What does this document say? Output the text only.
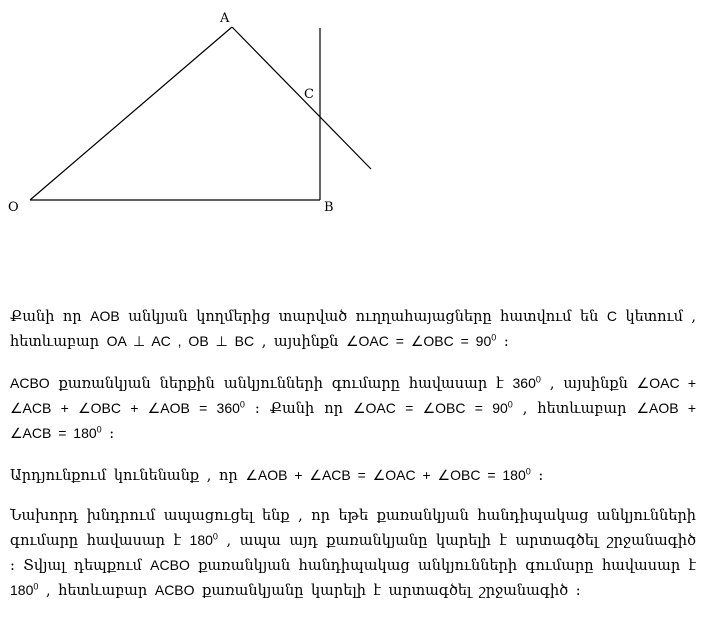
A
C
O	B

Քանի որ AOB անկյան կողմերից տարված ուղղահայացները հատվում են C կետում , հետևաբար OA ⊥ AC , OB ⊥ BC , այսինքն ∠OAC = ∠OBC = $90^0$ :

ACBO քառանկյան ներքին անկյունների գումարը հավասար է $360^0$ , այսինքն ∠OAC + ∠ACB + ∠OBC + ∠AOB = $360^0$ : Քանի որ ∠OAC = ∠OBC = $90^0$ , հետևաբար ∠AOB + ∠ACB = $180^0$ :

Արդյունքում կունենանք , որ ∠AOB + ∠ACB = ∠OAC + ∠OBC = $180^0$ :

Նախորդ խնդրում ապացուցել ենք , որ եթե քառանկյան հանդիպակաց անկյունների գումարը հավասար է $180^0$ , ապա այդ քառանկյանը կարելի է արտագծել շրջանագիծ : Տվյալ դեպքում ACBO քառանկյան հանդիպակաց անկյունների գումարը հավասար է $180^0$ , հետևաբար ACBO քառանկյանը կարելի է արտագծել շրջանագիծ :
